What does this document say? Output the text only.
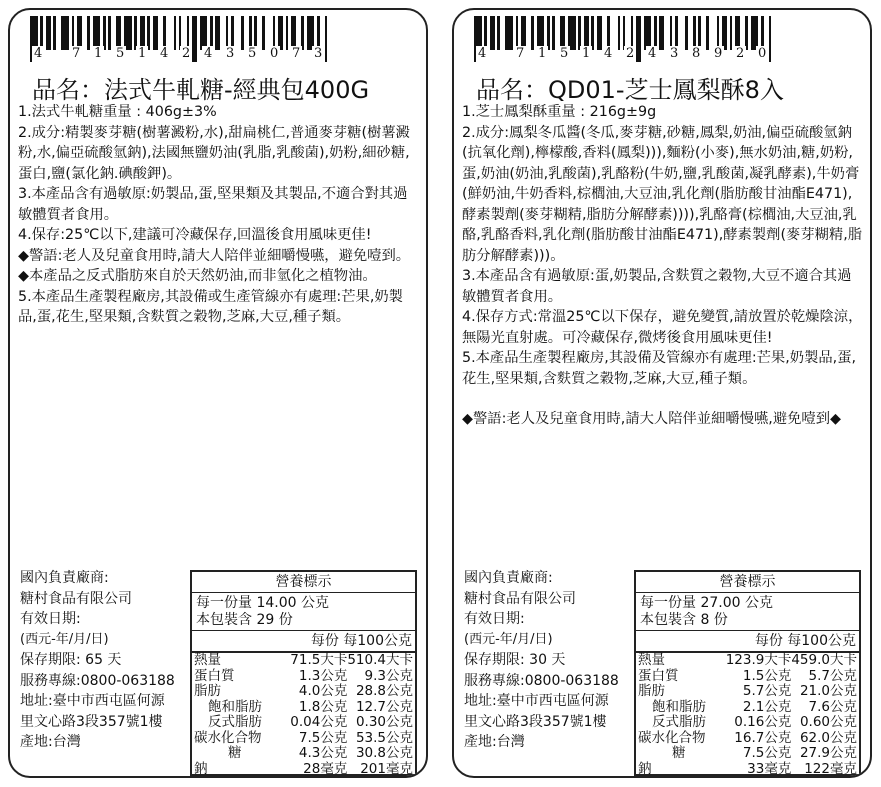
4 7 1 5 1 4 2 4 3 5 0 7 3
品名：法式牛軋糖-經典包400G

1.法式牛軋糖重量 : 406g±3%

2.成分:精製麥芽糖(樹薯澱粉,水),甜扁桃仁,普通麥芽糖(樹薯澱粉,水,偏亞硫酸氫鈉),法國無鹽奶油(乳脂,乳酸菌),奶粉,細砂糖,蛋白,鹽(氯化鈉.碘酸鉀)。

3.本產品含有過敏原:奶製品,蛋,堅果類及其製品,不適合對其過敏體質者食用。

4.保存:25℃以下,建議可冷藏保存,回溫後食用風味更佳!

◆警語:老人及兒童食用時,請大人陪伴並細嚼慢嚥，避免噎到。

◆本產品之反式脂肪來自於天然奶油,而非氫化之植物油。

5.本產品生產製程廠房,其設備或生產管線亦有處理:芒果,奶製品,蛋,花生,堅果類,含麩質之穀物,芝麻,大豆,種子類。

國內負責廠商:
糖村食品有限公司
有效日期:
(西元-年/月/日)
保存期限: 65 天
服務專線:0800-063188
地址:臺中市西屯區何源
里文心路3段357號1樓
產地:台灣
營養標示
每一份量 14.00 公克
本包裝含 29 份
每份 每100公克
熱量	71.5大卡	510.4大卡
蛋白質	1.3公克	9.3公克
脂肪	4.0公克	28.8公克
飽和脂肪	1.8公克	12.7公克
反式脂肪	0.04公克	0.30公克
碳水化合物	7.5公克	53.5公克
糖	4.3公克	30.8公克
鈉	28毫克	201毫克
4 7 1 5 1 4 2 4 3 8 9 2 0
品名：QD01-芝士鳳梨酥8入

1.芝士鳳梨酥重量 : 216g±9g

2.成分:鳳梨冬瓜醬(冬瓜,麥芽糖,砂糖,鳳梨,奶油,偏亞硫酸氫鈉(抗氧化劑),檸檬酸,香料(鳳梨))),麵粉(小麥),無水奶油,糖,奶粉,蛋,奶油(奶油,乳酸菌),乳酪粉(牛奶,鹽,乳酸菌,凝乳酵素),牛奶膏(鮮奶油,牛奶香料,棕櫚油,大豆油,乳化劑(脂肪酸甘油酯E471),酵素製劑(麥芽糊精,脂肪分解酵素)))),乳酪膏(棕櫚油,大豆油,乳酪,乳酪香料,乳化劑(脂肪酸甘油酯E471),酵素製劑(麥芽糊精,脂肪分解酵素)))。

3.本產品含有過敏原:蛋,奶製品,含麩質之穀物,大豆不適合其過敏體質者食用。

4.保存方式:常溫25℃以下保存，避免變質,請放置於乾燥陰涼，無陽光直射處。可冷藏保存,微烤後食用風味更佳!

5.本產品生產製程廠房,其設備及管線亦有處理:芒果,奶製品,蛋,花生,堅果類,含麩質之穀物,芝麻,大豆,種子類。

◆警語:老人及兒童食用時,請大人陪伴並細嚼慢嚥,避免噎到◆

國內負責廠商:
糖村食品有限公司
有效日期:
(西元-年/月/日)
保存期限: 30 天
服務專線:0800-063188
地址:臺中市西屯區何源
里文心路3段357號1樓
產地:台灣
營養標示
每一份量 27.00 公克
本包裝含 8 份
每份 每100公克
熱量	123.9大卡	459.0大卡
蛋白質	1.5公克	5.7公克
脂肪	5.7公克	21.0公克
飽和脂肪	2.1公克	7.6公克
反式脂肪	0.16公克	0.60公克
碳水化合物	16.7公克	62.0公克
糖	7.5公克	27.9公克
鈉	33毫克	122毫克
